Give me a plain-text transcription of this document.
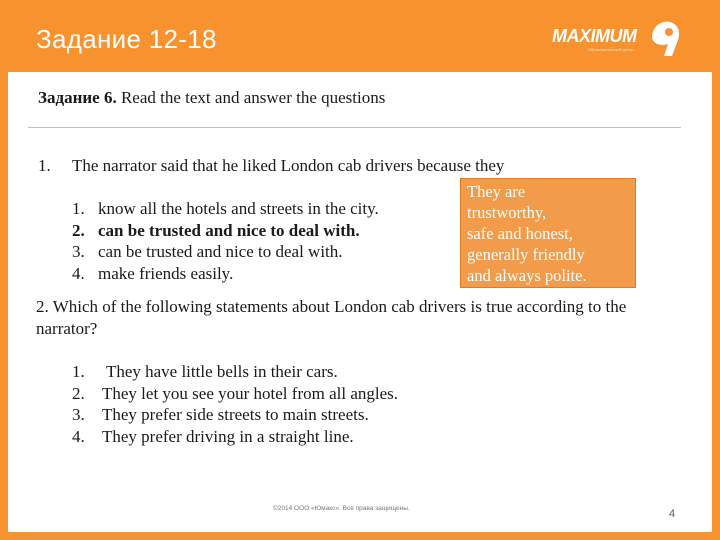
Задание 12-18	MAXIMUM
Образовательный центр
Задание 6. Read the text and answer the questions
1. The narrator said that he liked London cab drivers because they
1. know all the hotels and streets in the city.
2. can be trusted and nice to deal with.
3. can be trusted and nice to deal with.
4. make friends easily.
They are
trustworthy,
safe and honest,
generally friendly
and always polite.
2. Which of the following statements about London cab drivers is true according to the narrator?
1. They have little bells in their cars.
2. They let you see your hotel from all angles.
3. They prefer side streets to main streets.
4. They prefer driving in a straight line.
©2014 ООО «Юмакс». Все права защищены.	4
